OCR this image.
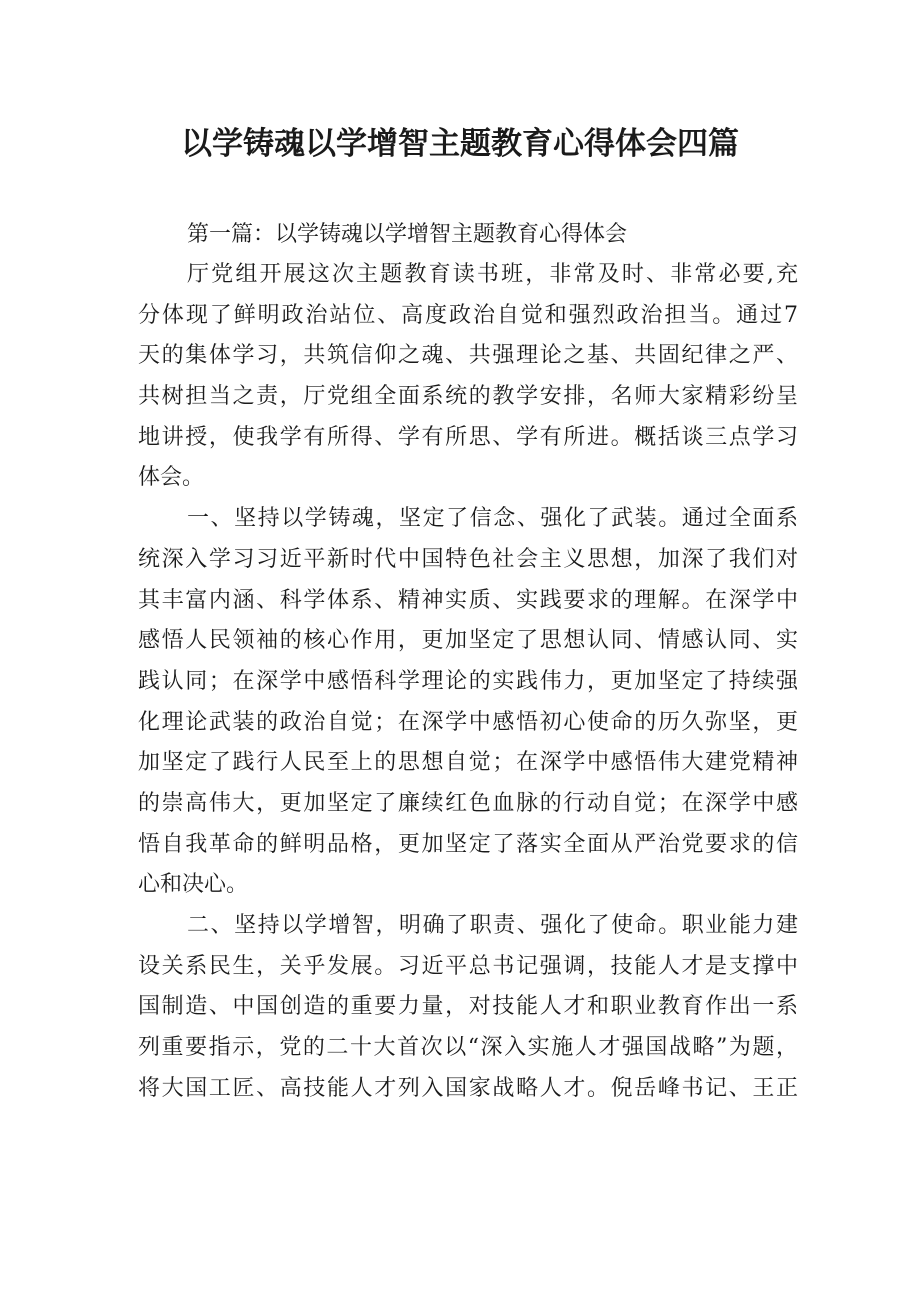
以学铸魂以学增智主题教育心得体会四篇
第一篇：以学铸魂以学增智主题教育心得体会
厅党组开展这次主题教育读书班，非常及时、非常必要,充
分体现了鲜明政治站位、高度政治自觉和强烈政治担当。通过7
天的集体学习，共筑信仰之魂、共强理论之基、共固纪律之严、
共树担当之责，厅党组全面系统的教学安排，名师大家精彩纷呈
地讲授，使我学有所得、学有所思、学有所进。概括谈三点学习
体会。
一、坚持以学铸魂，坚定了信念、强化了武装。通过全面系
统深入学习习近平新时代中国特色社会主义思想，加深了我们对
其丰富内涵、科学体系、精神实质、实践要求的理解。在深学中
感悟人民领袖的核心作用，更加坚定了思想认同、情感认同、实
践认同；在深学中感悟科学理论的实践伟力，更加坚定了持续强
化理论武装的政治自觉；在深学中感悟初心使命的历久弥坚，更
加坚定了践行人民至上的思想自觉；在深学中感悟伟大建党精神
的崇高伟大，更加坚定了廉续红色血脉的行动自觉；在深学中感
悟自我革命的鲜明品格，更加坚定了落实全面从严治党要求的信
心和决心。
二、坚持以学增智，明确了职责、强化了使命。职业能力建
设关系民生，关乎发展。习近平总书记强调，技能人才是支撑中
国制造、中国创造的重要力量，对技能人才和职业教育作出一系
列重要指示，党的二十大首次以“深入实施人才强国战略”为题，
将大国工匠、高技能人才列入国家战略人才。倪岳峰书记、王正
